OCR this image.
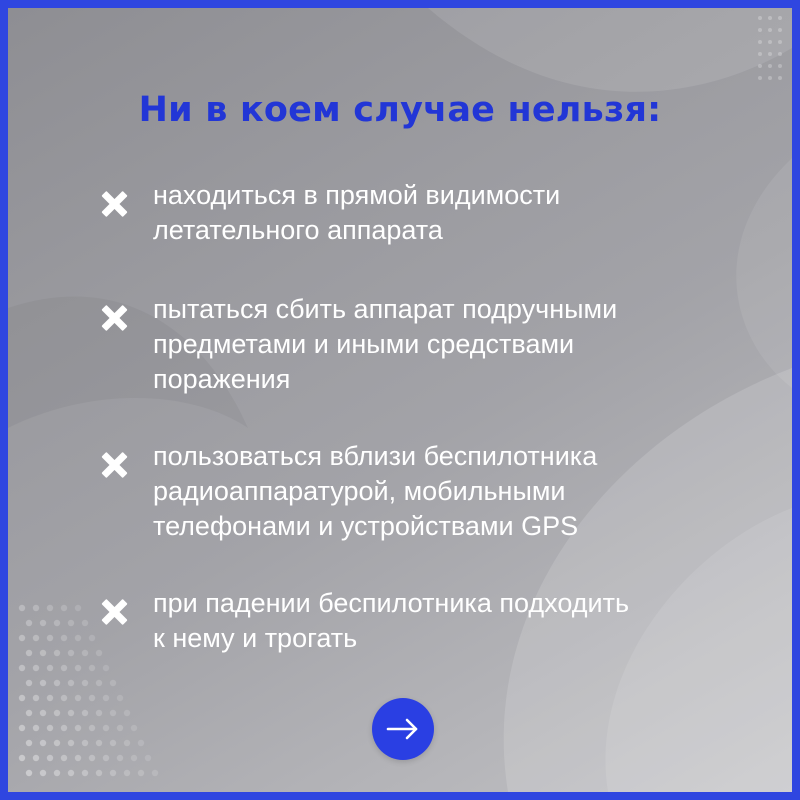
Ни в коем случае нельзя:
находиться в прямой видимости
летательного аппарата
пытаться сбить аппарат подручными
предметами и иными средствами
поражения
пользоваться вблизи беспилотника
радиоаппаратурой, мобильными
телефонами и устройствами GPS
при падении беспилотника подходить
к нему и трогать
